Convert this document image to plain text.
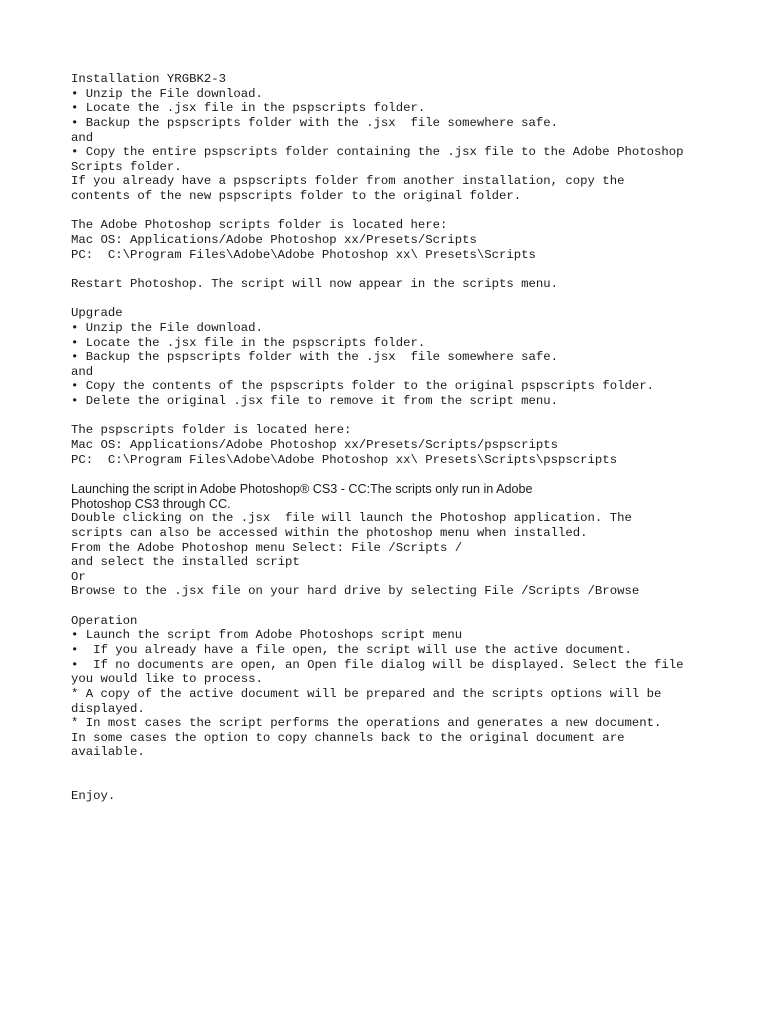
Installation YRGBK2-3
• Unzip the File download.
• Locate the .jsx file in the pspscripts folder.
• Backup the pspscripts folder with the .jsx  file somewhere safe.
and
• Copy the entire pspscripts folder containing the .jsx file to the Adobe Photoshop
Scripts folder.
If you already have a pspscripts folder from another installation, copy the
contents of the new pspscripts folder to the original folder.
The Adobe Photoshop scripts folder is located here:
Mac OS: Applications/Adobe Photoshop xx/Presets/Scripts
PC:  C:\Program Files\Adobe\Adobe Photoshop xx\ Presets\Scripts
Restart Photoshop. The script will now appear in the scripts menu.
Upgrade
• Unzip the File download.
• Locate the .jsx file in the pspscripts folder.
• Backup the pspscripts folder with the .jsx  file somewhere safe.
and
• Copy the contents of the pspscripts folder to the original pspscripts folder.
• Delete the original .jsx file to remove it from the script menu.
The pspscripts folder is located here:
Mac OS: Applications/Adobe Photoshop xx/Presets/Scripts/pspscripts
PC:  C:\Program Files\Adobe\Adobe Photoshop xx\ Presets\Scripts\pspscripts
Launching the script in Adobe Photoshop® CS3 - CC:The scripts only run in Adobe
Photoshop CS3 through CC.
Double clicking on the .jsx  file will launch the Photoshop application. The
scripts can also be accessed within the photoshop menu when installed.
From the Adobe Photoshop menu Select: File /Scripts /
and select the installed script
Or
Browse to the .jsx file on your hard drive by selecting File /Scripts /Browse
Operation
• Launch the script from Adobe Photoshops script menu
•  If you already have a file open, the script will use the active document.
•  If no documents are open, an Open file dialog will be displayed. Select the file
you would like to process.
* A copy of the active document will be prepared and the scripts options will be
displayed.
* In most cases the script performs the operations and generates a new document.
In some cases the option to copy channels back to the original document are
available.
Enjoy.
